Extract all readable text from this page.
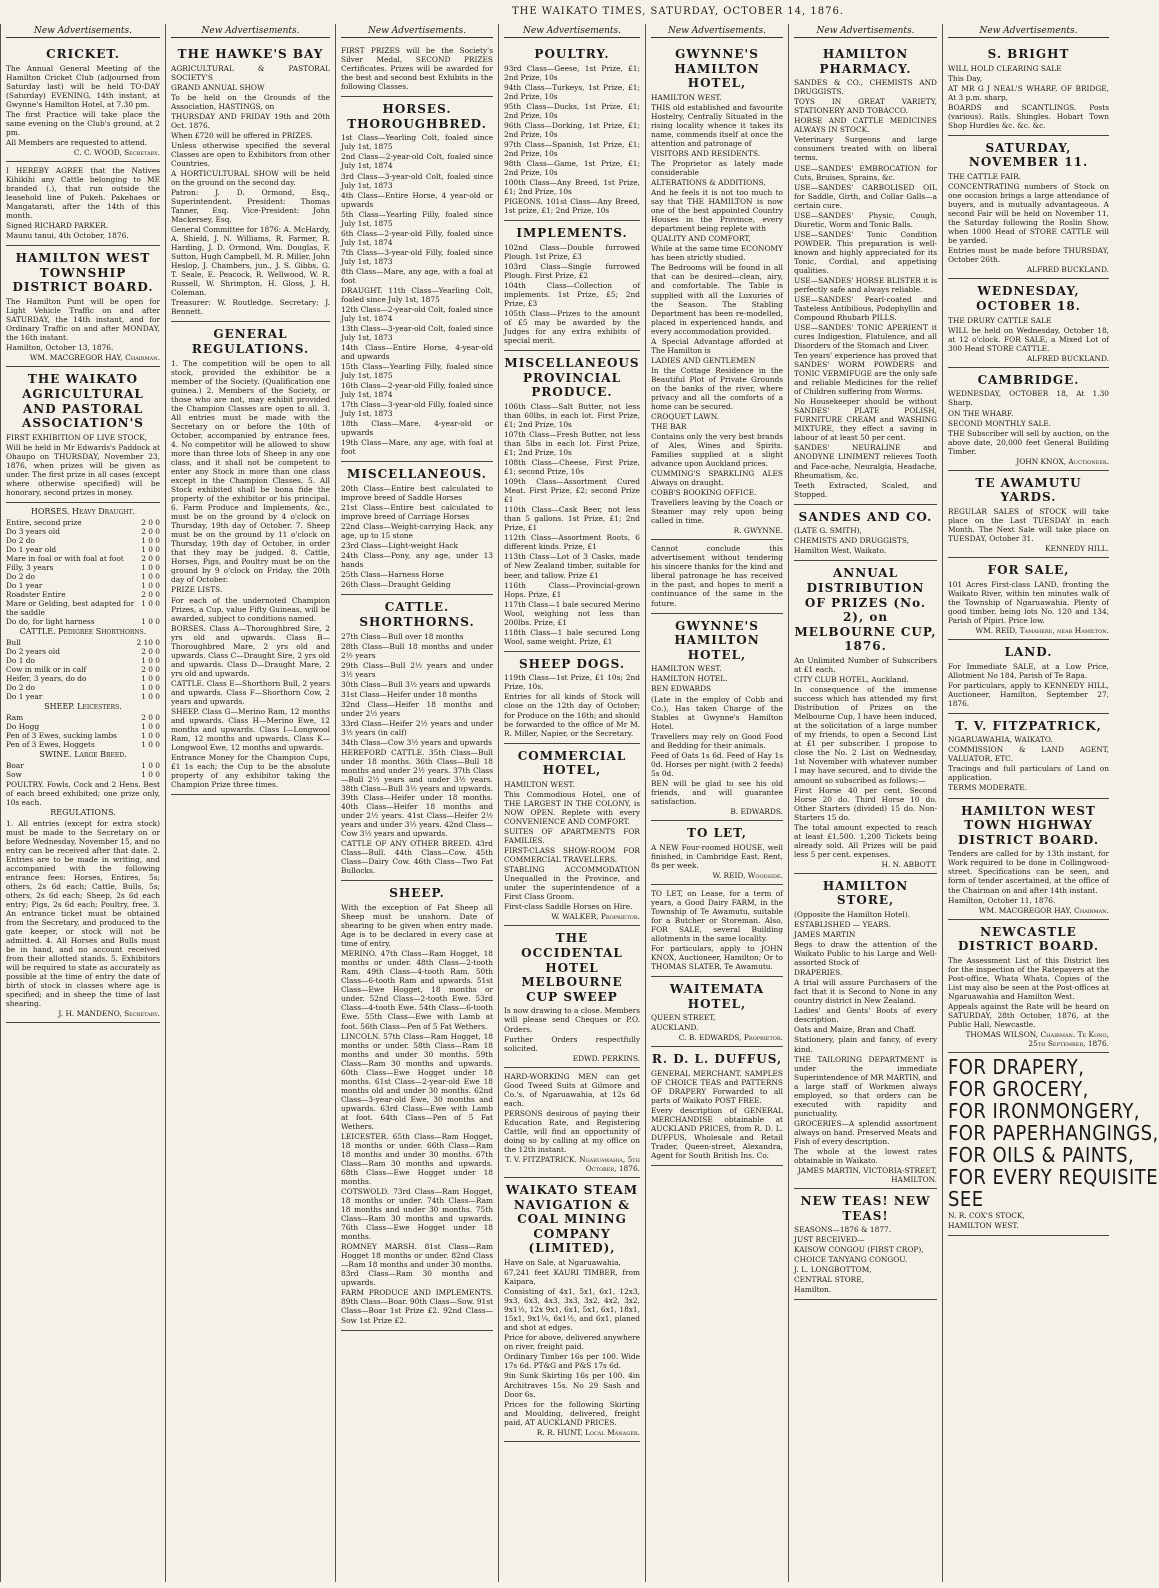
THE WAIKATO TIMES, SATURDAY, OCTOBER 14, 1876.
New Advertisements.
CRICKET.

The Annual General Meeting of the Hamilton Cricket Club (adjourned from Saturday last) will be held TO-DAY (Saturday) EVENING, 14th instant, at Gwynne's Hamilton Hotel, at 7.30 pm.

The first Practice will take place the same evening on the Club's ground, at 2 pm.

All Members are requested to attend.

C. C. WOOD, Secretary.

I HEREBY AGREE that the Natives Kihikihi any Cattle belonging to ME branded (.), that run outside the leasehold line of Pukeh. Pakehaes or Mangatarati, after the 14th of this month.

Signed RICHARD PARKER.

Maunu tanui, 4th October, 1876.

HAMILTON WEST TOWNSHIP DISTRICT BOARD.

The Hamilton Punt will be open for Light Vehicle Traffic on and after SATURDAY, the 14th instant, and for Ordinary Traffic on and after MONDAY, the 16th instant.

Hamilton, October 13, 1876.

WM. MACGREGOR HAY, Chairman.
THE WAIKATO AGRICULTURAL AND PASTORAL ASSOCIATION'S

FIRST EXHIBITION OF LIVE STOCK,

Will be held in Mr Edwards's Paddock at Ohaupo on THURSDAY, November 23, 1876, when prizes will be given as under. The first prize in all cases (except where otherwise specified) will be honorary, second prizes in money.

HORSES. Heavy Draught.
Entire, second prize	2 0 0
Do 3 years old	2 0 0
Do 2 do	1 0 0
Do 1 year old	1 0 0
Mare in foal or with foal at foot 2 0 0
Filly, 3 years	1 0 0
Do 2 do	1 0 0
Do 1 year	1 0 0
Roadster Entire	2 0 0
Mare or Gelding, best adapted for the saddle
1 0 0
Do do, for light harness	1 0 0
CATTLE. Pedigree Shorthorns.
Bull	2 10 0
Do 2 years old	2 0 0
Do 1 do	1 0 0
Cow in milk or in calf	2 0 0
Heifer, 3 years, do do	1 0 0
Do 2 do	1 0 0
Do 1 year	1 0 0
SHEEP. Leicesters.
Ram	2 0 0
Do Hogg	1 0 0
Pen of 3 Ewes, sucking lambs	1 0 0
Pen of 3 Ewes, Hoggets	1 0 0
SWINE. Large Breed.
Boar	1 0 0
Sow	1 0 0

POULTRY. Fowls, Cock and 2 Hens. Best of each breed exhibited; one prize only, 10s each.

REGULATIONS.

1. All entries (except for extra stock) must be made to the Secretary on or before Wednesday, November 15, and no entry can be received after that date. 2. Entries are to be made in writing, and accompanied with the following entrance fees: Horses, Entires, 5s; others, 2s 6d each; Cattle, Bulls, 5s; others, 2s 6d each; Sheep, 2s 6d each entry; Pigs, 2s 6d each; Poultry, free. 3. An entrance ticket must be obtained from the Secretary, and produced to the gate keeper, or stock will not be admitted. 4. All Horses and Bulls must be in hand, and no account received from their allotted stands. 5. Exhibitors will be required to state as accurately as possible at the time of entry the date of birth of stock in classes where age is specified; and in sheep the time of last shearing.

J. H. MANDENO, Secretary.
New Advertisements.
THE HAWKE'S BAY

AGRICULTURAL & PASTORAL SOCIETY'S

GRAND ANNUAL SHOW

To be held on the Grounds of the Association, HASTINGS, on

THURSDAY AND FRIDAY 19th and 20th Oct. 1876.

When £720 will be offered in PRIZES.

Unless otherwise specified the several Classes are open to Exhibitors from other Countries.

A HORTICULTURAL SHOW will be held on the ground on the second day.

Patron: J. D. Ormond, Esq., Superintendent. President: Thomas Tanner, Esq. Vice-President: John Mackersey, Esq.

General Committee for 1876: A. McHardy, A. Shield, J. N. Williams, R. Farmer, R. Harding, J. D. Ormond, Wm. Douglas, F. Sutton, Hugh Campbell, M. R. Miller, John Heslop, J. Chambers, jun., J. S. Gibbs, G. T. Seale, E. Peacock, R. Wellwood, W. R. Russell, W. Shrimpton, H. Gloss, J. H. Coleman.

Treasurer: W. Routledge. Secretary: J. Bennett.

GENERAL REGULATIONS.

1. The competition will be open to all stock, provided the exhibitor be a member of the Society. (Qualification one guinea.) 2. Members of the Society, or those who are not, may exhibit provided the Champion Classes are open to all. 3. All entries must be made with the Secretary on or before the 10th of October, accompanied by entrance fees. 4. No competitor will be allowed to show more than three lots of Sheep in any one class, and it shall not be competent to enter any Stock in more than one class except in the Champion Classes. 5. All Stock exhibited shall be bona fide the property of the exhibitor or his principal. 6. Farm Produce and Implements, &c., must be on the ground by 4 o'clock on Thursday, 19th day of October. 7. Sheep must be on the ground by 11 o'clock on Thursday, 19th day of October, in order that they may be judged. 8. Cattle, Horses, Pigs, and Poultry must be on the ground by 9 o'clock on Friday, the 20th day of October.

PRIZE LISTS.

For each of the undernoted Champion Prizes, a Cup, value Fifty Guineas, will be awarded, subject to conditions named.

BORSES. Class A—Thoroughbred Sire, 2 yrs old and upwards. Class B—Thoroughbred Mare, 2 yrs old and upwards. Class C—Draught Sire, 2 yrs old and upwards. Class D—Draught Mare, 2 yrs old and upwards.

CATTLE. Class E—Shorthorn Bull, 2 years and upwards. Class F—Shorthorn Cow, 2 years and upwards.

SHEEP. Class G—Merino Ram, 12 months and upwards. Class H—Merino Ewe, 12 months and upwards. Class I—Longwool Ram, 12 months and upwards. Class K—Longwool Ewe, 12 months and upwards.

Entrance Money for the Champion Cups, £1 1s each; the Cup to be the absolute property of any exhibitor taking the Champion Prize three times.

New Advertisements.

FIRST PRIZES will be the Society's Silver Medal, SECOND PRIZES Certificates. Prizes will be awarded for the best and second best Exhibits in the following Classes.

HORSES. THOROUGHBRED.

1st Class—Yearling Colt, foaled since July 1st, 1875

2nd Class—2-year-old Colt, foaled since July 1st, 1874

3rd Class—3-year-old Colt, foaled since July 1st, 1873

4th Class—Entire Horse, 4 year-old or upwards

5th Class—Yearling Filly, foaled since July 1st, 1875

6th Class—2-year-old Filly, foaled since July 1st, 1874

7th Class—3-year-old Filly, foaled since July 1st, 1873

8th Class—Mare, any age, with a foal at foot

DRAUGHT. 11th Class—Yearling Colt, foaled since July 1st, 1875

12th Class—2-year-old Colt, foaled since July 1st, 1874

13th Class—3-year-old Colt, foaled since July 1st, 1873

14th Class—Entire Horse, 4-year-old and upwards

15th Class—Yearling Filly, foaled since July 1st, 1875

16th Class—2-year-old Filly, foaled since July 1st, 1874

17th Class—3-year-old Filly, foaled since July 1st, 1873

18th Class—Mare, 4-year-old or upwards

19th Class—Mare, any age, with foal at foot

MISCELLANEOUS.

20th Class—Entire best calculated to improve breed of Saddle Horses

21st Class—Entire best calculated to improve breed of Carriage Horses

22nd Class—Weight-carrying Hack, any age, up to 15 stone

23rd Class—Light-weight Hack

24th Class—Pony, any age, under 13 hands

25th Class—Harness Horse

26th Class—Draught Gelding

CATTLE. SHORTHORNS.

27th Class—Bull over 18 months

28th Class—Bull 18 months and under 2½ years

29th Class—Bull 2½ years and under 3½ years

30th Class—Bull 3½ years and upwards

31st Class—Heifer under 18 months

32nd Class—Heifer 18 months and under 2½ years

33rd Class—Heifer 2½ years and under 3½ years (in calf)

34th Class—Cow 3½ years and upwards

HEREFORD CATTLE. 35th Class—Bull under 18 months. 36th Class—Bull 18 months and under 2½ years. 37th Class—Bull 2½ years and under 3½ years. 38th Class—Bull 3½ years and upwards. 39th Class—Heifer under 18 months. 40th Class—Heifer 18 months and under 2½ years. 41st Class—Heifer 2½ years and under 3½ years. 42nd Class—Cow 3½ years and upwards.

CATTLE OF ANY OTHER BREED. 43rd Class—Bull. 44th Class—Cow. 45th Class—Dairy Cow. 46th Class—Two Fat Bullocks.

SHEEP.

With the exception of Fat Sheep all Sheep must be unshorn. Date of shearing to be given when entry made. Age is to be declared in every case at time of entry.

MERINO. 47th Class—Ram Hogget, 18 months or under. 48th Class—2-tooth Ram. 49th Class—4-tooth Ram. 50th Class—6-tooth Ram and upwards. 51st Class—Ewe Hogget, 18 months or under. 52nd Class—2-tooth Ewe. 53rd Class—4-tooth Ewe. 54th Class—6-tooth Ewe. 55th Class—Ewe with Lamb at foot. 56th Class—Pen of 5 Fat Wethers.

LINCOLN. 57th Class—Ram Hogget, 18 months or under. 58th Class—Ram 18 months and under 30 months. 59th Class—Ram 30 months and upwards. 60th Class—Ewe Hogget under 18 months. 61st Class—2-year-old Ewe 18 months old and under 30 months. 62nd Class—3-year-old Ewe, 30 months and upwards. 63rd Class—Ewe with Lamb at foot. 64th Class—Pen of 5 Fat Wethers.

LEICESTER. 65th Class—Ram Hogget, 18 months or under. 66th Class—Ram 18 months and under 30 months. 67th Class—Ram 30 months and upwards. 68th Class—Ewe Hogget under 18 months.

COTSWOLD. 73rd Class—Ram Hogget, 18 months or under. 74th Class—Ram 18 months and under 30 months. 75th Class—Ram 30 months and upwards. 76th Class—Ewe Hogget under 18 months.

ROMNEY MARSH. 81st Class—Ram Hogget 18 months or under. 82nd Class—Ram 18 months and under 30 months. 83rd Class—Ram 30 months and upwards.

FARM PRODUCE AND IMPLEMENTS. 89th Class—Boar. 90th Class—Sow. 91st Class—Boar 1st Prize £2. 92nd Class—Sow 1st Prize £2.

New Advertisements.
POULTRY.

93rd Class—Geese, 1st Prize, £1; 2nd Prize, 10s

94th Class—Turkeys, 1st Prize, £1; 2nd Prize, 10s

95th Class—Ducks, 1st Prize, £1; 2nd Prize, 10s

96th Class—Dorking, 1st Prize, £1; 2nd Prize, 10s

97th Class—Spanish, 1st Prize, £1; 2nd Prize, 10s

98th Class—Game, 1st Prize, £1; 2nd Prize, 10s

100th Class—Any Breed, 1st Prize, £1; 2nd Prize, 10s

PIGEONS. 101st Class—Any Breed, 1st prize, £1; 2nd Prize, 10s

IMPLEMENTS.

102nd Class—Double furrowed Plough. 1st Prize, £3

103rd Class—Single furrowed Plough. First Prize, £2

104th Class—Collection of implements. 1st Prize, £5; 2nd Prize, £3

105th Class—Prizes to the amount of £5 may be awarded by the Judges for any extra exhibits of special merit.

MISCELLANEOUS PROVINCIAL PRODUCE.

106th Class—Salt Butter, not less than 60lbs, in each lot. First Prize, £1; 2nd Prize, 10s

107th Class—Fresh Butter, not less than 5lbs in each lot. First Prize, £1; 2nd Prize, 10s

108th Class—Cheese, First Prize, £1; second Prize, 10s

109th Class—Assortment Cured Meat. First Prize, £2; second Prize £1

110th Class—Cask Beer, not less than 5 gallons. 1st Prize, £1; 2nd Prize, £1

112th Class—Assortment Roots, 6 different kinds. Prize, £1

113th Class—Lot of 3 Casks, made of New Zealand timber, suitable for beer, and tallow. Prize £1

116th Class—Provincial-grown Hops. Prize, £1

117th Class—1 bale secured Merino Wool, weighing not less than 200lbs. Prize, £1

118th Class—1 bale secured Long Wool, same weight. Prize, £1

SHEEP DOGS.

119th Class—1st Prize, £1 10s; 2nd Prize, 10s.

Entries for all kinds of Stock will close on the 12th day of October; for Produce on the 16th; and should be forwarded to the office of Mr M. R. Miller, Napier, or the Secretary.

COMMERCIAL HOTEL,

HAMILTON WEST.

This Commodious Hotel, one of THE LARGEST IN THE COLONY, is NOW OPEN. Replete with every CONVENIENCE AND COMFORT.

SUITES OF APARTMENTS FOR FAMILIES.

FIRST-CLASS SHOW-ROOM FOR COMMERCIAL TRAVELLERS.

STABLING ACCOMMODATION Unequalled in the Province, and under the superintendence of a First Class Groom.

First-class Saddle Horses on Hire.

W. WALKER, Proprietor.
THE OCCIDENTAL HOTEL MELBOURNE CUP SWEEP

Is now drawing to a close. Members will please send Cheques or P.O. Orders.

Further Orders respectfully solicited.

EDWD. PERKINS.

HARD-WORKING MEN can get Good Tweed Suits at Gilmore and Co.'s, of Ngaruawahia, at 12s 6d each.

PERSONS desirous of paying their Education Rate, and Registering Cattle, will find an opportunity of doing so by calling at my office on the 12th instant.

T. V. FITZPATRICK. Ngaruawahia, 5th October, 1876.
WAIKATO STEAM NAVIGATION & COAL MINING COMPANY (LIMITED),

Have on Sale, at Ngaruawahia,

67,241 feet KAURI TIMBER, from Kaipara,

Consisting of 4x1, 5x1, 6x1, 12x3, 9x3, 6x3, 4x3, 3x3, 3x2, 4x2, 3x2, 9x1½, 12x 9x1, 6x1, 5x1, 6x1, 18x1, 15x1, 9x1¼, 6x1½, and 6x1, planed and shot at edges.

Price for above, delivered anywhere on river, freight paid.

Ordinary Timber 16s per 100. Wide 17s 6d. PT&G and P&S 17s 6d.

9in Sunk Skirting 16s per 100. 4in Architraves 15s. No 29 Sash and Door 6s.

Prices for the following Skirting and Moulding, delivered, freight paid, AT AUCKLAND PRICES.

R. R. HUNT, Local Manager.
New Advertisements.
GWYNNE'S HAMILTON HOTEL,

HAMILTON WEST.

THIS old established and favourite Hostelry, Centrally Situated in the rising locality whence it takes its name, commends itself at once the attention and patronage of

VISITORS AND RESIDENTS.

The Proprietor as lately made considerable

ALTERATIONS & ADDITIONS,

And he feels it is not too much to say that THE HAMILTON is now one of the best appointed Country Houses in the Province, every department being replete with

QUALITY AND COMFORT,

While at the same time ECONOMY has been strictly studied.

The Bedrooms will be found in all that can be desired—clean, airy, and comfortable. The Table is supplied with all the Luxuries of the Season. The Stabling Department has been re-modelled, placed in experienced hands, and every accommodation provided.

A Special Advantage afforded at The Hamilton is

LADIES AND GENTLEMEN

In the Cottage Residence in the Beautiful Plot of Private Grounds on the banks of the river, where privacy and all the comforts of a home can be secured.

CROQUET LAWN.

THE BAR

Contains only the very best brands of Ales, Wines and Spirits. Families supplied at a slight advance upon Auckland prices.

CUMMING'S SPARKLING ALES Always on draught.

COBB'S BOOKING OFFICE.

Travellers leaving by the Coach or Steamer may rely upon being called in time.

R. GWYNNE.

Cannot conclude this advertisement without tendering his sincere thanks for the kind and liberal patronage he has received in the past, and hopes to merit a continuance of the same in the future.

GWYNNE'S HAMILTON HOTEL,

HAMILTON WEST.

HAMILTON HOTEL.

BEN EDWARDS

(Late in the employ of Cobb and Co.), Has taken Charge of the Stables at Gwynne's Hamilton Hotel.

Travellers may rely on Good Food and Bedding for their animals.

Feed of Oats 1s 6d. Feed of Hay 1s 0d. Horses per night (with 2 feeds) 5s 0d.

BEN will be glad to see his old friends, and will guarantee satisfaction.

B. EDWARDS.
TO LET,

A NEW Four-roomed HOUSE, well finished, in Cambridge East. Rent, 8s per week.

W. REID, Woodside.

TO LET, on Lease, for a term of years, a Good Dairy FARM, in the Township of Te Awamutu, suitable for a Butcher or Storeman. Also, FOR SALE, several Building allotments in the same locality.

For particulars, apply to JOHN KNOX, Auctioneer, Hamilton; Or to THOMAS SLATER, Te Awamutu.

WAITEMATA HOTEL,

QUEEN STREET,

AUCKLAND.

C. B. EDWARDS, Proprietor.
R. D. L. DUFFUS,

GENERAL MERCHANT. SAMPLES OF CHOICE TEAS and PATTERNS OF DRAPERY Forwarded to all parts of Waikato POST FREE.

Every description of GENERAL MERCHANDISE obtainable at AUCKLAND PRICES, from R. D. L. DUFFUS, Wholesale and Retail Trader, Queen-street, Alexandra, Agent for South British Ins. Co.

New Advertisements.
HAMILTON PHARMACY.

SANDES & CO., CHEMISTS AND DRUGGISTS.

TOYS IN GREAT VARIETY, STATIONERY AND TOBACCO.

HORSE AND CATTLE MEDICINES ALWAYS IN STOCK.

Veterinary Surgeons and large consumers treated with on liberal terms.

USE—SANDES' EMBROCATION for Cuts, Bruises, Sprains, &c.

USE—SANDES' CARBOLISED OIL for Saddle, Girth, and Collar Galls—a certain cure.

USE—SANDES' Physic, Cough, Diuretic, Worm and Tonic Balls.

USE—SANDES' Tonic Condition POWDER. This preparation is well-known and highly appreciated for its Tonic, Cordial, and appetising qualities.

USE—SANDES' HORSE BLISTER it is perfectly safe and always reliable.

USE—SANDES' Pearl-coated and Tasteless Antibilious, Podophyllin and Compound Rhubarb PILLS.

USE—SANDES' TONIC APERIENT it cures Indigestion, Flatulence, and all Disorders of the Stomach and Liver.

Ten years' experience has proved that SANDES' WORM POWDERS and TONIC VERMIFUGE are the only safe and reliable Medicines for the relief of Children suffering from Worms.

No Housekeeper should be without SANDES' PLATE POLISH, FURNITURE CREAM and WASHING MIXTURE, they effect a saving in labour of at least 50 per cent.

SANDES' NEURALINE and ANODYNE LINIMENT relieves Tooth and Face-ache, Neuralgia, Headache, Rheumatism, &c.

Teeth Extracted, Scaled, and Stopped.

SANDES AND CO.

(LATE G. SMITH),

CHEMISTS AND DRUGGISTS,

Hamilton West, Waikato.

ANNUAL DISTRIBUTION OF PRIZES (No. 2), on MELBOURNE CUP, 1876.

An Unlimited Number of Subscribers at £1 each.

CITY CLUB HOTEL, Auckland.

In consequence of the immense success which has attended my first Distribution of Prizes on the Melbourne Cup, I have been induced, at the solicitation of a large number of my friends, to open a Second List at £1 per subscriber. I propose to close the No. 2 List on Wednesday, 1st November with whatever number I may have secured, and to divide the amount so subscribed as follows:—

First Horse 40 per cent. Second Horse 20 do. Third Horse 10 do. Other Starters (divided) 15 do. Non-Starters 15 do.

The total amount expected to reach at least £1,500. 1,200 Tickets being already sold. All Prizes will be paid less 5 per cent. expenses.

H. N. ABBOTT.
HAMILTON STORE,

(Opposite the Hamilton Hotel).

ESTABLISHED — YEARS.

JAMES MARTIN

Begs to draw the attention of the Waikato Public to his Large and Well-assorted Stock of

DRAPERIES.

A trial will assure Purchasers of the fact that it is Second to None in any country district in New Zealand.

Ladies' and Gents' Boots of every description.

Oats and Maize, Bran and Chaff.

Stationery, plain and fancy, of every kind.

THE TAILORING DEPARTMENT is under the immediate Superintendence of MR MARTIN, and a large staff of Workmen always employed, so that orders can be executed with rapidity and punctuality.

GROCERIES—A splendid assortment always on hand. Preserved Meats and Fish of every description.

The whole at the lowest rates obtainable in Waikato.

JAMES MARTIN, VICTORIA-STREET, HAMILTON.
NEW TEAS! NEW TEAS!

SEASONS—1876 & 1877.

JUST RECEIVED—

KAISOW CONGOU (FIRST CROP),

CHOICE TANYANG CONGOU.

J. L. LONGBOTTOM,

CENTRAL STORE,

Hamilton.

New Advertisements.
S. BRIGHT

WILL HOLD CLEARING SALE

This Day,

AT MR G J NEAL'S WHARF, OF BRIDGE, At 3 p.m. sharp,

BOARDS and SCANTLINGS. Posts (various). Rails. Shingles. Hobart Town Shop Hurdles &c. &c. &c.

SATURDAY, NOVEMBER 11.

THE CATTLE FAIR.

CONCENTRATING numbers of Stock on one occasion brings a large attendance of buyers, and is mutually advantageous. A second Fair will be held on November 11, the Saturday following the Roslin Show, when 1000 Head of STORE CATTLE will be yarded.

Entries must be made before THURSDAY, October 26th.

ALFRED BUCKLAND.
WEDNESDAY, OCTOBER 18.

THE DRURY CATTLE SALE

WILL be held on Wednesday, October 18, at 12 o'clock. FOR SALE, a Mixed Lot of 300 Head STORE CATTLE.

ALFRED BUCKLAND.
CAMBRIDGE.

WEDNESDAY, OCTOBER 18, At 1.30 Sharp.

ON THE WHARF.

SECOND MONTHLY SALE.

THE Subscriber will sell by auction, on the above date, 20,000 feet General Building Timber.

JOHN KNOX, Auctioneer.
TE AWAMUTU YARDS.

REGULAR SALES of STOCK will take place on the Last TUESDAY in each Month. The Next Sale will take place on TUESDAY, October 31.

KENNEDY HILL.
FOR SALE,

101 Acres First-class LAND, fronting the Waikato River, within ten minutes walk of the Township of Ngaruawahia. Plenty of good timber, being lots No. 120 and 134, Parish of Pipiri. Price low.

WM. REID, Tamahere, near Hamilton.
LAND.

For Immediate SALE, at a Low Price, Allotment No 184, Parish of Te Rapa.

For particulars, apply to KENNEDY HILL, Auctioneer, Hamilton, September 27, 1876.

T. V. FITZPATRICK,

NGARUAWAHIA, WAIKATO.

COMMISSION & LAND AGENT, VALUATOR, ETC.

Tracings and full particulars of Land on application.

TERMS MODERATE.

HAMILTON WEST TOWN HIGHWAY DISTRICT BOARD.

Tenders are called for by 13th instant, for Work required to be done in Collingwood-street. Specifications can be seen, and form of tender ascertained, at the office of the Chairman on and after 14th instant.

Hamilton, October 11, 1876.

WM. MACGREGOR HAY, Chairman.
NEWCASTLE DISTRICT BOARD.

The Assessment List of this District lies for the inspection of the Ratepayers at the Post-office, Whata Whata. Copies of the List may also be seen at the Post-offices at Ngaruawahia and Hamilton West.

Appeals against the Rate will be heard on SATURDAY, 28th October, 1876, at the Public Hall, Newcastle.

THOMAS WILSON, Chairman. Te Kono, 25th September, 1876.

FOR DRAPERY,

FOR GROCERY,

FOR IRONMONGERY,

FOR PAPERHANGINGS,

FOR OILS & PAINTS,

FOR EVERY REQUISITE

SEE

N. R. COX'S STOCK,

HAMILTON WEST.
